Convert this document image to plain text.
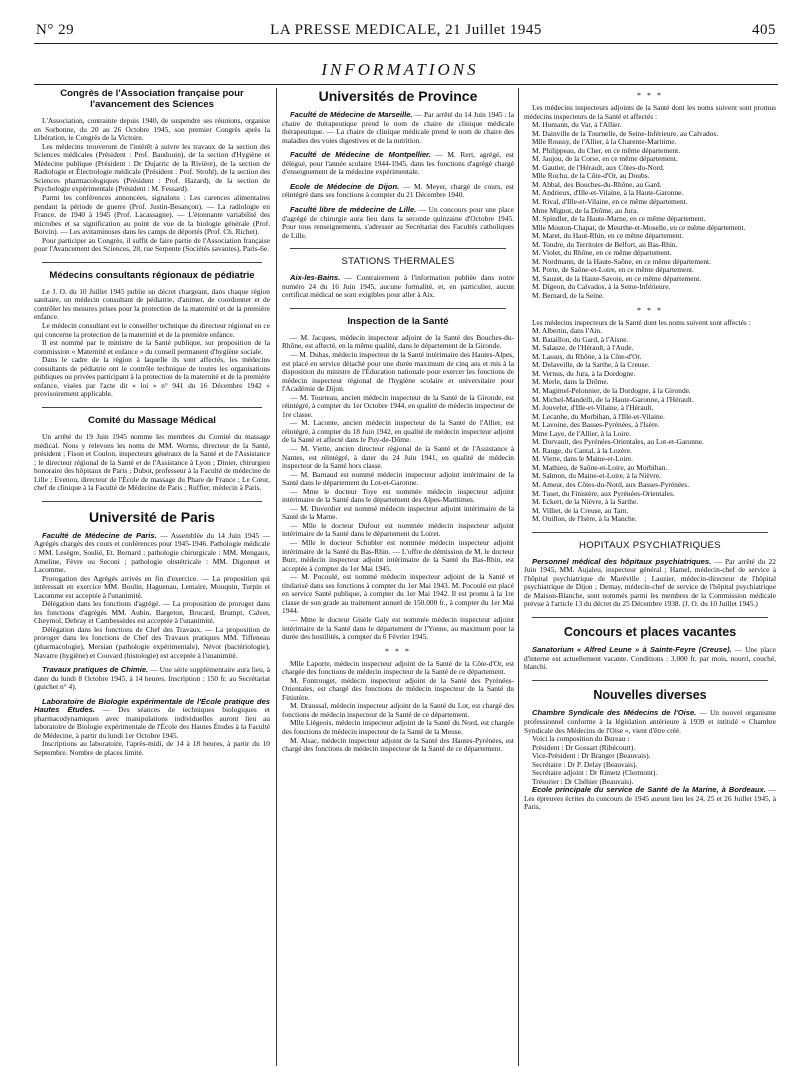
N° 29	LA PRESSE MEDICALE, 21 Juillet 1945	405
INFORMATIONS
Congrès de l'Association française pour l'avancement des Sciences

L'Association, contrainte depuis 1940, de suspendre ses réunions, organise en Sorbonne, du 20 au 26 Octobre 1945, son premier Congrès après la Libération, le Congrès de la Victoire.

Les médecins trouveront de l'intérêt à suivre les travaux de la section des Sciences médicales (Président : Prof. Baudouin), de la section d'Hygiène et Médecine publique (Président : Dr Dujarric de la Rivière), de la section de Radiologie et Électrologie médicale (Président : Prof. Strohl), de la section des Sciences pharmacologiques (Président : Prof. Hazard), de la section de Psychologie expérimentale (Président : M. Fessard).

Parmi les conférences annoncées, signalons : Les carences alimentaires pendant la période de guerre (Prof. Justin-Besançon). — La radiologie en France, de 1940 à 1945 (Prof. Lacassagne). — L'étonnante variabilité des microbes et sa signification au point de vue de la biologie générale (Prof. Boivin). — Les avitaminoses dans les camps de déportés (Prof. Ch. Richet).

Pour participer au Congrès, il suffit de faire partie de l'Association française pour l'Avancement des Sciences, 28, rue Serpente (Sociétés savantes), Paris-6e.

Médecins consultants régionaux de pédiatrie

Le J. O. du 10 Juillet 1945 publie un décret chargeant, dans chaque région sanitaire, un médecin consultant de pédiatrie, d'animer, de coordonner et de contrôler les mesures prises pour la protection de la maternité et de la première enfance.

Le médecin consultant est le conseiller technique du directeur régional en ce qui concerne la protection de la maternité et de la première enfance.

Il est nommé par le ministre de la Santé publique, sur proposition de la commission « Maternité et enfance » du conseil permanent d'hygiène sociale.

Dans le cadre de la région à laquelle ils sont affectés, les médecins consultants de pédiatrie ont le contrôle technique de toutes les organisations publiques ou privées participant à la protection de la maternité et de la première enfance, visées par l'acte dit « loi » n° 941 du 16 Décembre 1942 » provisoirement applicable.

Comité du Massage Médical

Un arrêté du 19 Juin 1945 nomme les membres du Comité du massage médical. Nous y relevons les noms de MM. Worms, directeur de la Santé, président ; Fison et Coulon, inspecteurs généraux de la Santé et de l'Assistance ; le directeur régional de la Santé et de l'Assistance à Lyon ; Dinier, chirurgien honoraire des hôpitaux de Paris ; Dubot, professeur à la Faculté de médecine de Lille ; Evenou, directeur de l'École de massage du Phare de France ; Le Cœur, chef de clinique à la Faculté de Médecine de Paris ; Ruffier, médecin à Paris.

Université de Paris

Faculté de Médecine de Paris. — Assemblée du 14 Juin 1945 — Agrégés chargés des cours et conférences pour 1945-1946. Pathologie médicale : MM. Lesègre, Soulié, Et. Bernard ; pathologie chirurgicale : MM. Mengaux, Ameline, Fèvre ou Seconi ; pathologie obstétricale : MM. Digonnet et Lacomme.

Prorogation des Agrégés arrivés en fin d'exercice. — La proposition qui intéressait en exercice MM. Boulin, Haguenau, Lemaire, Mouquin, Turpin et Lacomme est acceptée à l'unanimité.

Délégation dans les fonctions d'agrégé. — La proposition de proroger dans les fonctions d'agrégés MM. Aubin, Bargeton, Brocard, Brumpt, Calvet, Cheymol, Debray et Cambessèdes est acceptée à l'unanimité.

Délégation dans les fonctions de Chef des Travaux. — La proposition de proroger dans les fonctions de Chef des Travaux pratiques MM. Tiffeneau (pharmacologie), Mersian (pathologie expérimentale), Névot (bactériologie), Navarre (hygiène) et Couvard (histologie) est acceptée à l'unanimité.

Travaux pratiques de Chimie. — Une série supplémentaire aura lieu, à dater du lundi 8 Octobre 1945, à 14 heures. Inscription : 150 fr. au Secrétariat (guichet n° 4).

Laboratoire de Biologie expérimentale de l'École pratique des Hautes Études. — Des séances de techniques biologiques et pharmacodynamiques avec manipulations individuelles auront lieu au laboratoire de Biologie expérimentale de l'École des Hautes Études à la Faculté de Médecine, à partir du lundi 1er Octobre 1945.

Inscriptions au laboratoire, l'après-midi, de 14 à 18 heures, à partir du 10 Septembre. Nombre de places limité.

Universités de Province

Faculté de Médecine de Marseille. — Par arrêté du 14 Juin 1945 : la chaire de thérapeutique prend le nom de chaire de clinique médicale thérapeutique. — La chaire de clinique médicale prend le nom de chaire des maladies des voies digestives et de la nutrition.

Faculté de Médecine de Montpellier. — M. Rert, agrégé, est délégué, pour l'année scolaire 1944-1945, dans les fonctions d'agrégé chargé d'enseignement de la médecine expérimentale.

Ecole de Médecine de Dijon. — M. Meyer, chargé de cours, est réintégré dans ses fonctions à compter du 21 Décembre 1940.

Faculté libre de médecine de Lille. — Un concours pour une place d'agrégé de chirurgie aura lieu dans la seconde quinzaine d'Octobre 1945. Pour tous renseignements, s'adresser au Secrétariat des Facultés catholiques de Lille.

STATIONS THERMALES

Aix-les-Bains. — Contrairement à l'information publiée dans notre numéro 24 du 16 Juin 1945, aucune formalité, et, en particulier, aucun certificat médical ne sont exigibles pour aller à Aix.

Inspection de la Santé

— M. Jacques, médecin inspecteur adjoint de la Santé des Bouches-du-Rhône, est affecté, en la même qualité, dans le département de la Gironde.

— M. Dubas, médecin inspecteur de la Santé intérimaire des Hautes-Alpes, est placé en service détaché pour une durée maximum de cinq ans et mis à la disposition du ministre de l'Éducation nationale pour exercer les fonctions de médecin inspecteur régional de l'hygiène scolaire et universitaire pour l'Académie de Dijon.

— M. Tourteau, ancien médecin inspecteur de la Santé de la Gironde, est réintégré, à compter du 1er Octobre 1944, en qualité de médecin inspecteur de 1re classe.

— M. Laconte, ancien médecin inspecteur de la Santé de l'Allier, est réintégré, à compter du 18 Juin 1942, en qualité de médecin inspecteur adjoint de la Santé et affecté dans le Puy-de-Dôme.

— M. Viette, ancien directeur régional de la Santé et de l'Assistance à Nantes, est réintégré, à dater du 24 Juin 1941, en qualité de médecin inspecteur de la Santé hors classe.

— M. Barnaud est nommé médecin inspecteur adjoint intérimaire de la Santé dans le département du Lot-et-Garonne.

— Mme le docteur Toye est nommée médecin inspecteur adjoint intérimaire de la Santé dans le département des Alpes-Maritimes.

— M. Duverdier est nommé médecin inspecteur adjoint intérimaire de la Santé de la Marne.

— Mlle le docteur Dufour est nommée médecin inspecteur adjoint intérimaire de la Santé dans le département du Loiret.

— Mlle le docteur Schubler est nommée médecin inspecteur adjoint intérimaire de la Santé du Bas-Rhin. — L'offre de démission de M. le docteur Burr, médecin inspecteur adjoint intérimaire de la Santé du Bas-Rhin, est acceptée à compter du 1er Mai 1945.

— M. Pocoulé, est nommé médecin inspecteur adjoint de la Santé et titularisé dans ses fonctions à compter du 1er Mai 1943. M. Pocoulé est placé en service Santé publique, à compter du 1er Mai 1942. Il est promu à la 1re classe de son grade au traitement annuel de 150.000 fr., à compter du 1er Mai 1944.

— Mme le docteur Gisèle Galy est nommée médecin inspecteur adjoint intérimaire de la Santé dans le département de l'Yonne, au maximum pour la durée des hostilités, à compter du 6 Février 1945.

* * *

Mlle Laporte, médecin inspecteur adjoint de la Santé de la Côte-d'Or, est chargée des fonctions de médecin inspecteur de la Santé de ce département.

M. Fontrouget, médecin inspecteur adjoint de la Santé des Pyrénées-Orientales, est chargé des fonctions de médecin inspecteur de la Santé du Finistère.

M. Draussal, médecin inspecteur adjoint de la Santé du Lot, est chargé des fonctions de médecin inspecteur de la Santé de ce département.

Mlle Liégeois, médecin inspecteur adjoint de la Santé du Nord, est chargée des fonctions de médecin inspecteur de la Santé de la Meuse.

M. Alsac, médecin inspecteur adjoint de la Santé des Hautes-Pyrénées, est chargé des fonctions de médecin inspecteur de la Santé de ce département.

* * *

Les médecins inspecteurs adjoints de la Santé dont les noms suivent sont promus médecins inspecteurs de la Santé et affectés :

M. Humann, du Var, à l'Allier.

M. Dainville de la Tournelle, de Seine-Inférieure, au Calvados.

Mlle Roussy, de l'Allier, à la Charente-Maritime.

M. Philippeau, du Cher, en ce même département.

M. Jaujou, de la Corse, en ce même département.

M. Gautier, de l'Hérault, aux Côtes-du-Nord.

Mlle Rochu, de la Côte-d'Or, au Doubs.

M. Abbal, des Bouches-du-Rhône, au Gard.

M. Andrieux, d'Ille-et-Vilaine, à la Haute-Garonne.

M. Rival, d'Ille-et-Vilaine, en ce même département.

Mme Mignot, de la Drôme, au Jura.

M. Spindler, de la Haute-Marne, en ce même département.

Mlle Mouton-Chapat, de Meurthe-et-Moselle, en ce même département.

M. Maret, du Haut-Rhin, en ce même département.

M. Tondre, du Territoire de Belfort, au Bas-Rhin.

M. Violet, du Rhône, en ce même département.

M. Nordmann, de la Haute-Saône, en ce même département.

M. Porte, de Saône-et-Loire, en ce même département.

M. Sauzet, de la Haute-Savoie, en ce même département.

M. Digeon, du Calvados, à la Seine-Inférieure.

M. Bernard, de la Seine.

* * *

Les médecins inspecteurs de la Santé dont les noms suivent sont affectés :

M. Albertin, dans l'Ain.

M. Bataillon, du Gard, à l'Aisne.

M. Salauze, de l'Hérault, à l'Aude.

M. Lassus, du Rhône, à la Côte-d'Or.

M. Delaveille, de la Sarthe, à la Creuse.

M. Vernus, du Jura, à la Dordogne.

M. Merle, dans la Drôme.

M. Magimel-Pelonnier, de la Dordogne, à la Gironde.

M. Michel-Mandelli, de la Haute-Garonne, à l'Hérault.

M. Jouvelet, d'Ille-et-Vilaine, à l'Hérault.

M. Lecanhe, du Morbihan, à l'Ille-et-Vilaine.

M. Lavoine, des Basses-Pyrénées, à l'Isère.

Mme Laye, de l'Allier, à la Loire.

M. Dorvault, des Pyrénées-Orientales, au Lot-et-Garonne.

M. Rauge, du Cantal, à la Lozère.

M. Viette, dans le Maine-et-Loire.

M. Mathieu, de Saône-et-Loire, au Morbihan.

M. Salmon, du Maine-et-Loire, à la Nièvre.

M. Ameur, des Côtes-du-Nord, aux Basses-Pyrénées.

M. Tuset, du Finistère, aux Pyrénées-Orientales.

M. Eckert, de la Nièvre, à la Sarthe.

M. Villiet, de la Creuse, au Tarn.

M. Ouillon, de l'Isère, à la Manche.

HOPITAUX PSYCHIATRIQUES

Personnel médical des hôpitaux psychiatriques. — Par arrêté du 22 Juin 1945, MM. Aujaleu, inspecteur général ; Hamel, médecin-chef de service à l'hôpital psychiatrique de Maréville ; Lauzier, médecin-directeur de l'hôpital psychiatrique de Dijon ; Demay, médecin-chef de service de l'hôpital psychiatrique de Maison-Blanche, sont nommés parmi les membres de la Commission médicale prévue à l'article 13 du décret du 25 Décembre 1938. (J. O. du 10 Juillet 1945.)

Concours et places vacantes

Sanatorium « Alfred Leune » à Sainte-Feyre (Creuse). — Une place d'interne est actuellement vacante. Conditions : 3.000 fr. par mois, nourri, couché, blanchi.

Nouvelles diverses

Chambre Syndicale des Médecins de l'Oise. — Un nouvel organisme professionnel conforme à la législation antérieure à 1939 et intitulé « Chambre Syndicale des Médecins de l'Oise », vient d'être créé.

Voici la composition du Bureau :

Président : Dr Gossart (Ribécourt).

Vice-Président : Dr Branger (Beauvais).

Secrétaire : Dr P. Delay (Beauvais).

Secrétaire adjoint : Dr Rimetz (Clermont).

Trésorier : Dr Chéhier (Beauvais).

Ecole principale du service de Santé de la Marine, à Bordeaux. — Les épreuves écrites du concours de 1945 auront lieu les 24, 25 et 26 Juillet 1945, à Paris,
